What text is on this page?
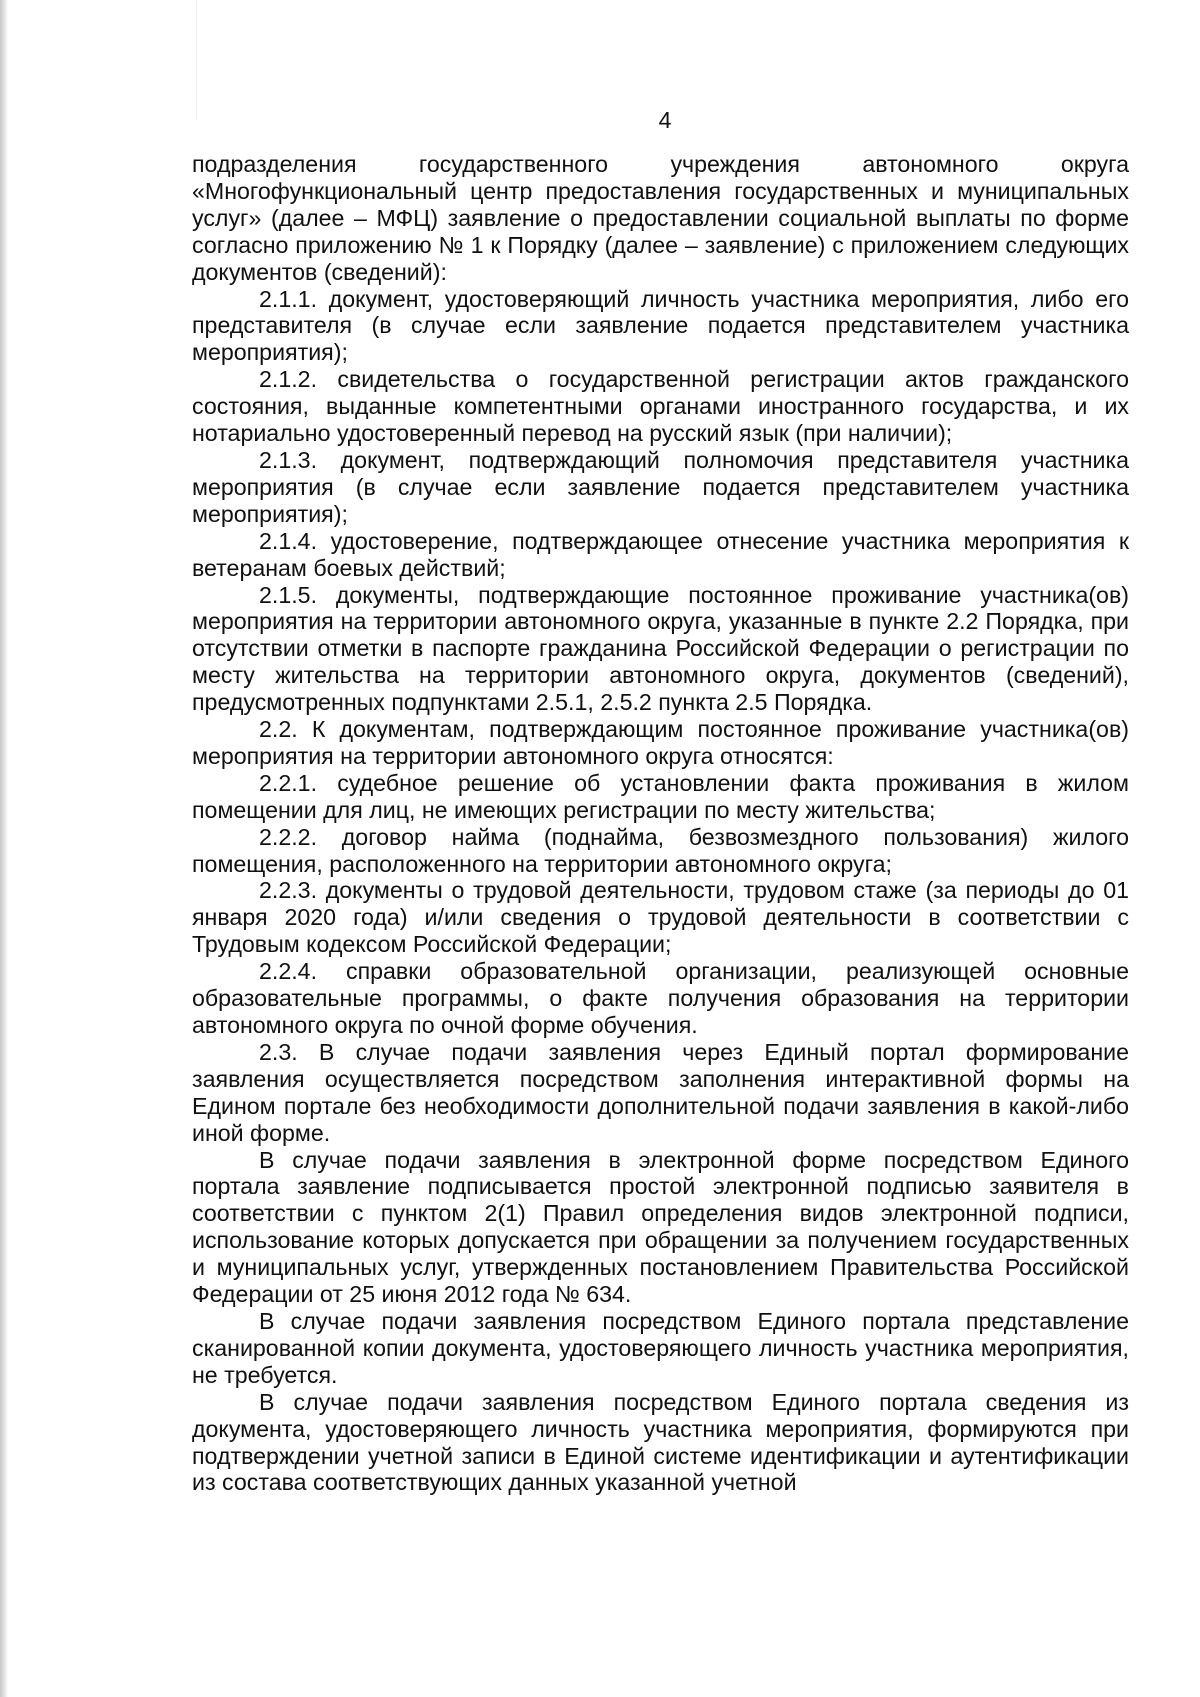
4

подразделения государственного учреждения автономного округа «Многофункциональный центр предоставления государственных и муниципальных услуг» (далее – МФЦ) заявление о предоставлении социальной выплаты по форме согласно приложению № 1 к Порядку (далее – заявление) с приложением следующих документов (сведений):

2.1.1. документ, удостоверяющий личность участника мероприятия, либо его представителя (в случае если заявление подается представителем участника мероприятия);

2.1.2. свидетельства о государственной регистрации актов гражданского состояния, выданные компетентными органами иностранного государства, и их нотариально удостоверенный перевод на русский язык (при наличии);

2.1.3. документ, подтверждающий полномочия представителя участника мероприятия (в случае если заявление подается представителем участника мероприятия);

2.1.4. удостоверение, подтверждающее отнесение участника мероприятия к ветеранам боевых действий;

2.1.5. документы, подтверждающие постоянное проживание участника(ов) мероприятия на территории автономного округа, указанные в пункте 2.2 Порядка, при отсутствии отметки в паспорте гражданина Российской Федерации о регистрации по месту жительства на территории автономного округа, документов (сведений), предусмотренных подпунктами 2.5.1, 2.5.2 пункта 2.5 Порядка.

2.2. К документам, подтверждающим постоянное проживание участника(ов) мероприятия на территории автономного округа относятся:

2.2.1. судебное решение об установлении факта проживания в жилом помещении для лиц, не имеющих регистрации по месту жительства;

2.2.2. договор найма (поднайма, безвозмездного пользования) жилого помещения, расположенного на территории автономного округа;

2.2.3. документы о трудовой деятельности, трудовом стаже (за периоды до 01 января 2020 года) и/или сведения о трудовой деятельности в соответствии с Трудовым кодексом Российской Федерации;

2.2.4. справки образовательной организации, реализующей основные образовательные программы, о факте получения образования на территории автономного округа по очной форме обучения.

2.3. В случае подачи заявления через Единый портал формирование заявления осуществляется посредством заполнения интерактивной формы на Едином портале без необходимости дополнительной подачи заявления в какой-либо иной форме.

В случае подачи заявления в электронной форме посредством Единого портала заявление подписывается простой электронной подписью заявителя в соответствии с пунктом 2(1) Правил определения видов электронной подписи, использование которых допускается при обращении за получением государственных и муниципальных услуг, утвержденных постановлением Правительства Российской Федерации от 25 июня 2012 года № 634.

В случае подачи заявления посредством Единого портала представление сканированной копии документа, удостоверяющего личность участника мероприятия, не требуется.

В случае подачи заявления посредством Единого портала сведения из документа, удостоверяющего личность участника мероприятия, формируются при подтверждении учетной записи в Единой системе идентификации и аутентификации из состава соответствующих данных указанной учетной
